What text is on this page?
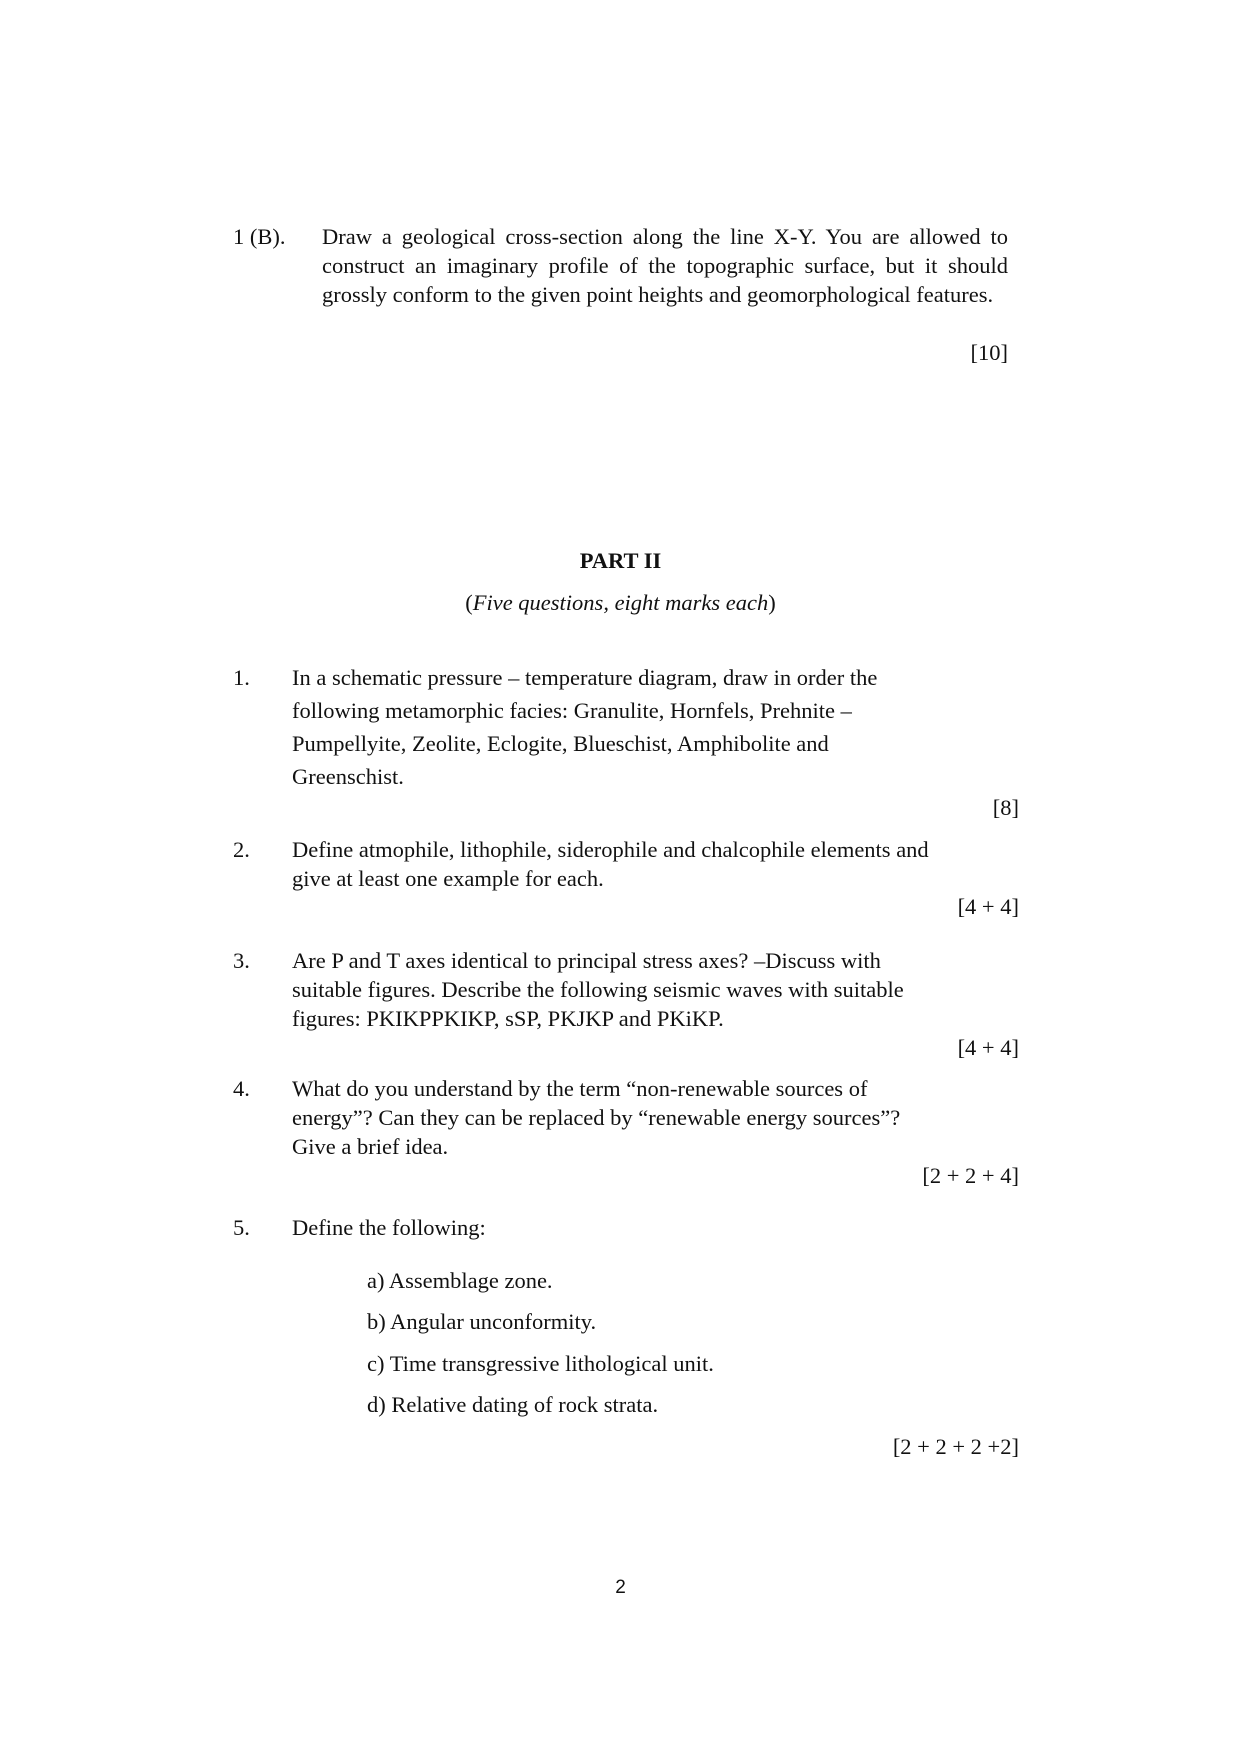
1 (B). Draw a geological cross-section along the line X-Y. You are allowed to construct an imaginary profile of the topographic surface, but it should grossly conform to the given point heights and geomorphological features.
[10]
PART II
(Five questions, eight marks each)
1. In a schematic pressure – temperature diagram, draw in order the
following metamorphic facies: Granulite, Hornfels, Prehnite –
Pumpellyite, Zeolite, Eclogite, Blueschist, Amphibolite and
Greenschist.
[8]
2. Define atmophile, lithophile, siderophile and chalcophile elements and
give at least one example for each.
[4 + 4]
3. Are P and T axes identical to principal stress axes? –Discuss with
suitable figures. Describe the following seismic waves with suitable
figures: PKIKPPKIKP, sSP, PKJKP and PKiKP.
[4 + 4]
4. What do you understand by the term “non-renewable sources of
energy”? Can they can be replaced by “renewable energy sources”?
Give a brief idea.
[2 + 2 + 4]
5. Define the following:
a) Assemblage zone.
b) Angular unconformity.
c) Time transgressive lithological unit.
d) Relative dating of rock strata.
[2 + 2 + 2 +2]
2
